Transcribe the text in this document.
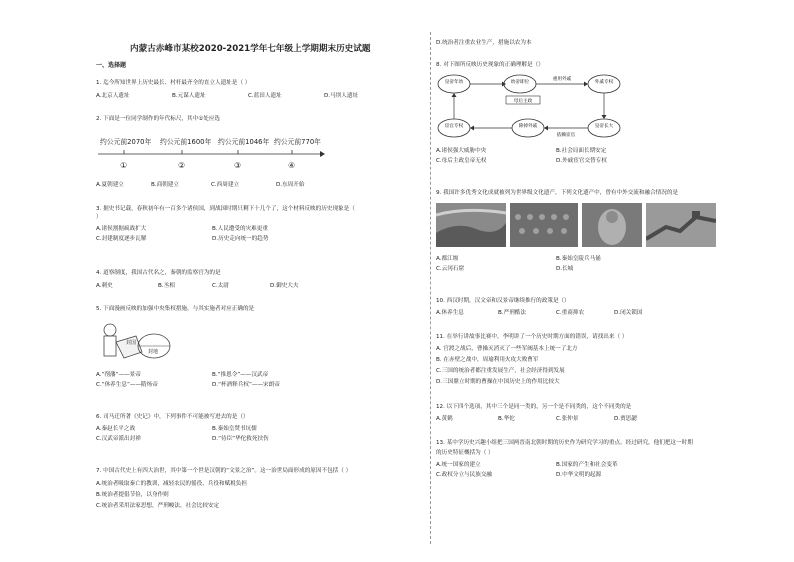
内蒙古赤峰市某校2020-2021学年七年级上学期期末历史试题
一、选择题
1. 迄今所知世界上历史最长、村杆最齐全的直立人遗址是（ ）
A.北京人遗址	B.元谋人遗址	C.蓝田人遗址	D.马坝人遗址
2. 下面是一位同学制作的年代标尺，其中①处应选
约公元前2070年 约公元前1600年 约公元前1046年 约公元前770年
①	②	③	④
A.夏朝建立	B.商朝建立	C.西周建立	D.东周开始
3. 据史书记载，春秋初年有一百多个诸侯国，到战国时期只剩下十几个了，这个材料反映的历史现象是（
）
A.诸侯割据疯战扩大	B.人民遭受的灾难更重
C.封建制度逐步瓦解	D.历史走向统一的趋势
4. 道察制度，我国古代名之，秦朝的监察官为的是
A.刺史	B.丞相	C.太尉	D.御史大夫
5. 下面漫画反映的加强中央集权措施，与其实施者对应正确的是
封国
封地
A.“削藩”——景帝	B.“推恩令”——汉武帝
C.“休养生息”——隋炀帝	D.“杯酒释兵权”——宋朗帝
6. 司马迁所著《史记》中，下列事件不可能被写进去的是（）
A.秦赵长平之战	B.秦始皇焚书坑儒
C.汉武帝派出封禅	D.“待臣”华佗救死扶伤
7. 中国古代史上有四大治世，其中第一个世是汉朝的“文景之治”。这一治世局面形成的原因不包括（ ）
A.统治者吸取秦亡的教训，减轻农民的徭役、兵役和赋税负担
B.统治者提倡节俭，以身作则
C.统治者采用法家思想，严刑峻法，社会比较安定
D.统治者注重农业生产，措施以农为本
8. 对下图所反映历史现象的正确理解是（）
皇帝年幼	幼帝即位
母后主政
外戚专权
皇帝长大
依赖宦官
除掉外戚
宦官专权
重用外戚
A.诸侯强大威胁中央	B.社会局面长期安定
C.母后主政皇帝无权	D.外戚宦官交替专权
9. 我国许多优秀文化成就被列为世界级文化遗产，下列文化遗产中，曾有中外交流和融合情况的是
A.都江堰	B.秦始皇陵兵马俑
C.云冈石窟	D.长城
10. 西汉时期，汉文帝和汉景帝继续推行的政策是（）
A.休养生息	B.严刑酷法	C.重商抑农	D.闭关锁国
11. 在举行讲故事比赛中，李明讲了一个历史时期方面的错误，请找出来（ ）
A. 官渡之战后，曹操灭消灭了一些军阀基本上统一了北方
B. 在赤壁之战中，周瑜利用火攻大败曹军
C.三国的统治者都注重发展生产，社会经济得到发展
D.三国鼎立时期的曹操在中国历史上的作用比较大
12. 以下四个选项，其中三个是同一类的，另一个是不同类的，这个不同类的是
A.黄鹤	B.华佗	C.张仲景	D.贾思勰
13. 某中学历史兴趣小组把三国两晋南北朝时期的历史作为研究学习的重点。经过研究，他们把这一时期
的历史特征概括为（ ）
A.统一国家的建立	B.国家的产生和社会变革
C.政权分立与民族交融	D.中华文明的起源
